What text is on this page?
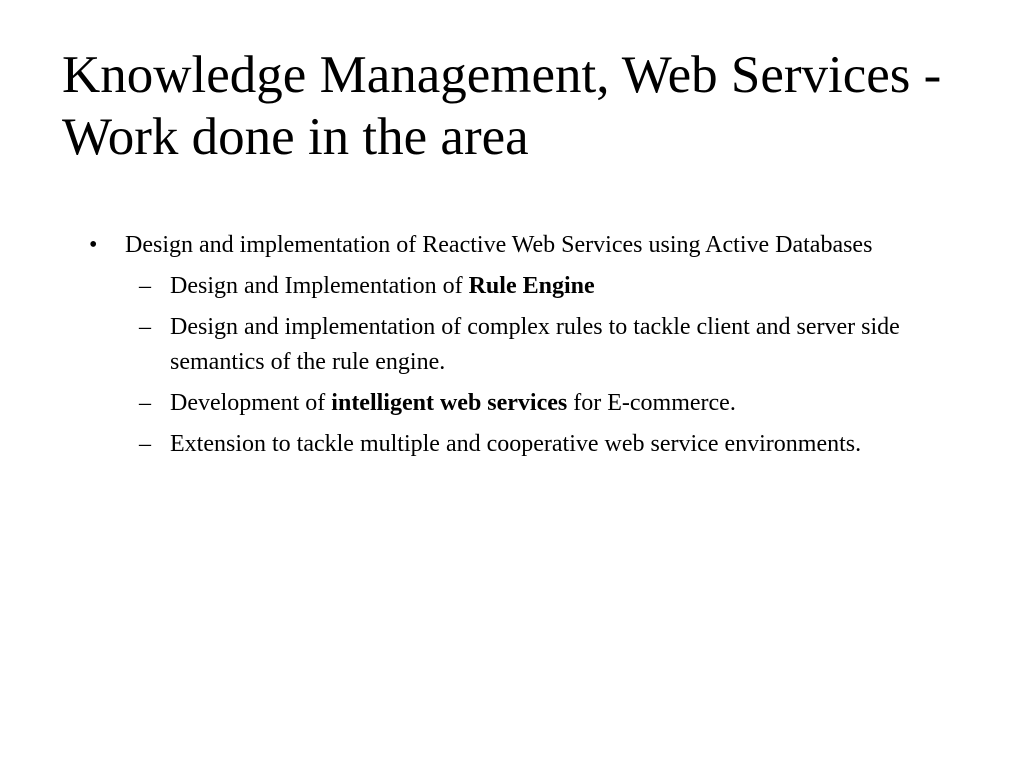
Knowledge Management, Web Services -
Work done in the area
• Design and implementation of Reactive Web Services using Active Databases
– Design and Implementation of Rule Engine
– Design and implementation of complex rules to tackle client and server side semantics of the rule engine.
– Development of intelligent web services for E-commerce.
– Extension to tackle multiple and cooperative web service environments.
